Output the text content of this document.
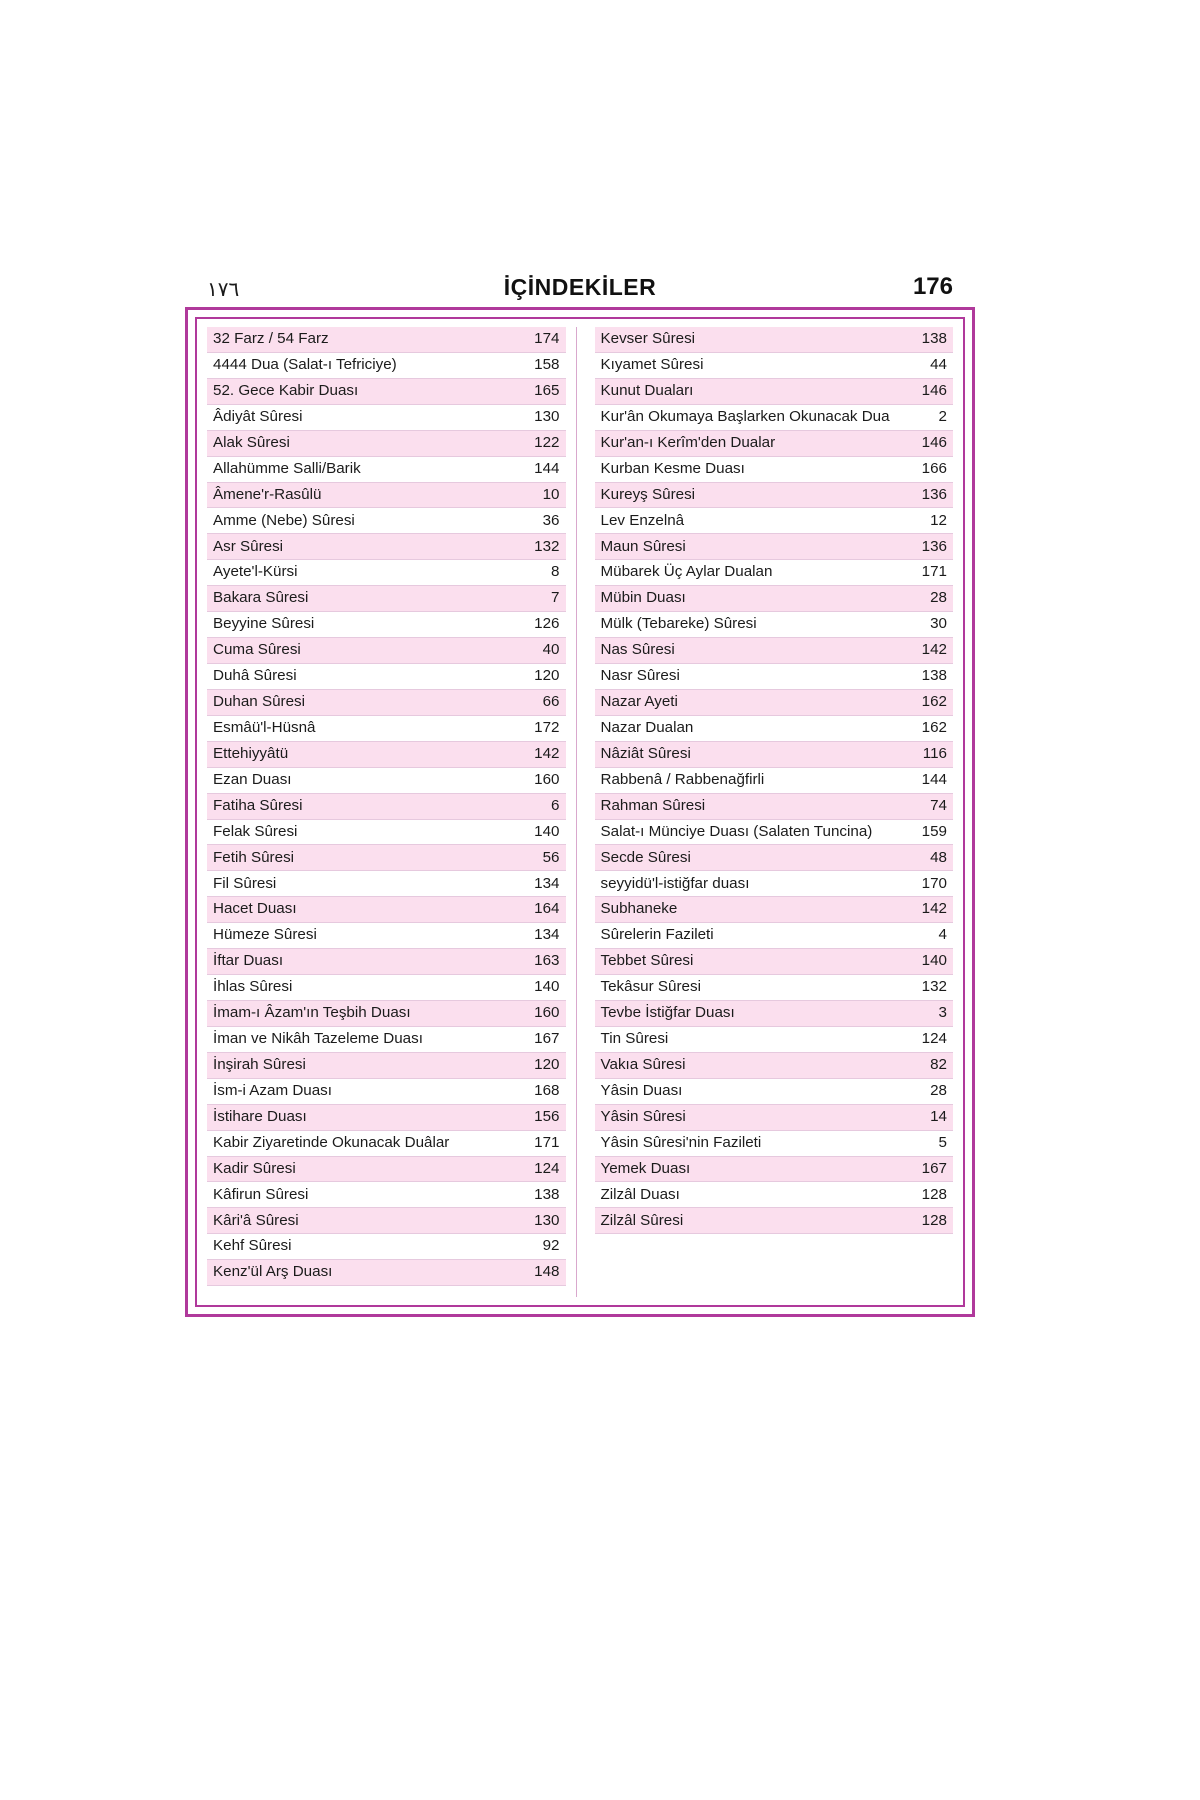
١٧٦	İÇİNDEKİLER	176
32 Farz / 54 Farz	174
4444 Dua (Salat-ı Tefriciye)	158
52. Gece Kabir Duası	165
Âdiyât Sûresi	130
Alak Sûresi	122
Allahümme Salli/Barik	144
Âmene'r-Rasûlü	10
Amme (Nebe) Sûresi	36
Asr Sûresi	132
Ayete'l-Kürsi	8
Bakara Sûresi	7
Beyyine Sûresi	126
Cuma Sûresi	40
Duhâ Sûresi	120
Duhan Sûresi	66
Esmâü'l-Hüsnâ	172
Ettehiyyâtü	142
Ezan Duası	160
Fatiha Sûresi	6
Felak Sûresi	140
Fetih Sûresi	56
Fil Sûresi	134
Hacet Duası	164
Hümeze Sûresi	134
İftar Duası	163
İhlas Sûresi	140
İmam-ı Âzam'ın Teşbih Duası	160
İman ve Nikâh Tazeleme Duası	167
İnşirah Sûresi	120
İsm-i Azam Duası	168
İstihare Duası	156
Kabir Ziyaretinde Okunacak Duâlar	171
Kadir Sûresi	124
Kâfirun Sûresi	138
Kâri'â Sûresi	130
Kehf Sûresi	92
Kenz'ül Arş Duası	148
Kevser Sûresi	138
Kıyamet Sûresi	44
Kunut Duaları	146
Kur'ân Okumaya Başlarken Okunacak Dua	2
Kur'an-ı Kerîm'den Dualar	146
Kurban Kesme Duası	166
Kureyş Sûresi	136
Lev Enzelnâ	12
Maun Sûresi	136
Mübarek Üç Aylar Dualan	171
Mübin Duası	28
Mülk (Tebareke) Sûresi	30
Nas Sûresi	142
Nasr Sûresi	138
Nazar Ayeti	162
Nazar Dualan	162
Nâziât Sûresi	116
Rabbenâ / Rabbenağfirli	144
Rahman Sûresi	74
Salat-ı Münciye Duası (Salaten Tuncina)	159
Secde Sûresi	48
seyyidü'l-istiğfar duası	170
Subhaneke	142
Sûrelerin Fazileti	4
Tebbet Sûresi	140
Tekâsur Sûresi	132
Tevbe İstiğfar Duası	3
Tin Sûresi	124
Vakıa Sûresi	82
Yâsin Duası	28
Yâsin Sûresi	14
Yâsin Sûresi'nin Fazileti	5
Yemek Duası	167
Zilzâl Duası	128
Zilzâl Sûresi	128
